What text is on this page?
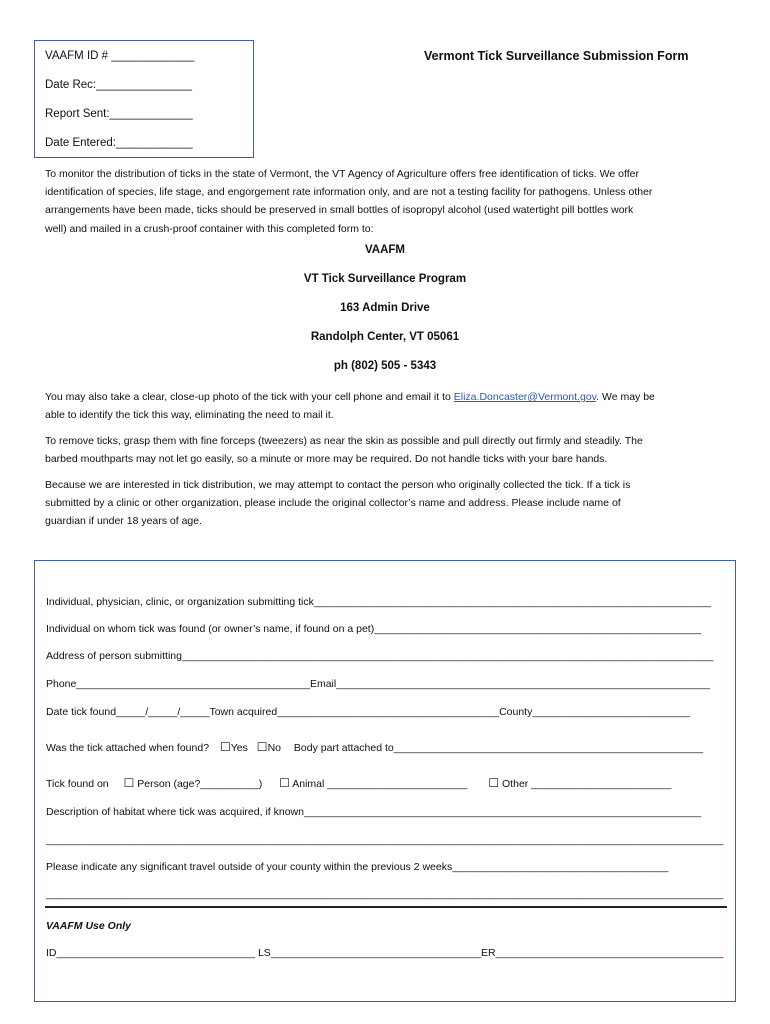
VAAFM ID # _____________
Date Rec:_______________
Report Sent:_____________
Date Entered:____________
Vermont Tick Surveillance Submission Form
To monitor the distribution of ticks in the state of Vermont, the VT Agency of Agriculture offers free identification of ticks. We offer
identification of species, life stage, and engorgement rate information only, and are not a testing facility for pathogens. Unless other
arrangements have been made, ticks should be preserved in small bottles of isopropyl alcohol (used watertight pill bottles work
well) and mailed in a crush-proof container with this completed form to:
VAAFM
VT Tick Surveillance Program
163 Admin Drive
Randolph Center, VT 05061
ph (802) 505 - 5343
You may also take a clear, close-up photo of the tick with your cell phone and email it to Eliza.Doncaster@Vermont.gov. We may be
able to identify the tick this way, eliminating the need to mail it.
To remove ticks, grasp them with fine forceps (tweezers) as near the skin as possible and pull directly out firmly and steadily. The
barbed mouthparts may not let go easily, so a minute or more may be required. Do not handle ticks with your bare hands.
Because we are interested in tick distribution, we may attempt to contact the person who originally collected the tick. If a tick is
submitted by a clinic or other organization, please include the original collector’s name and address. Please include name of
guardian if under 18 years of age.
Individual, physician, clinic, or organization submitting tick____________________________________________________________________
Individual on whom tick was found (or owner’s name, if found on a pet)________________________________________________________
Address of person submitting___________________________________________________________________________________________
Phone________________________________________Email________________________________________________________________
Date tick found_____/_____/_____Town acquired______________________________________County___________________________
Was the tick attached when found? ☐Yes ☐No Body part attached to_____________________________________________________
Tick found on ☐ Person (age?__________) ☐ Animal ________________________ ☐ Other ________________________
Description of habitat where tick was acquired, if known____________________________________________________________________
____________________________________________________________________________________________________________________
Please indicate any significant travel outside of your county within the previous 2 weeks_____________________________________
____________________________________________________________________________________________________________________
VAAFM Use Only
ID__________________________________ LS____________________________________ER_______________________________________
